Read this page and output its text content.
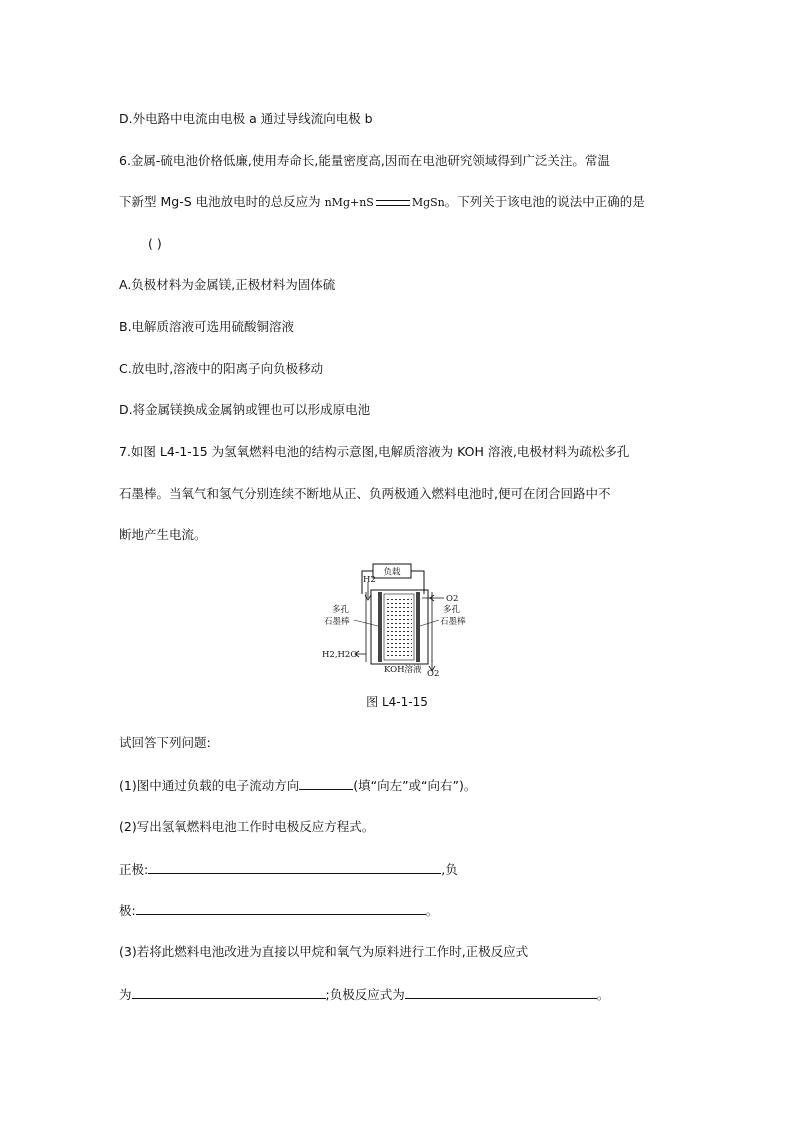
D.外电路中电流由电极 a 通过导线流向电极 b
6.金属-硫电池价格低廉,使用寿命长,能量密度高,因而在电池研究领域得到广泛关注。常温
下新型 Mg-S 电池放电时的总反应为 nMg+nS	MgSn。下列关于该电池的说法中正确的是
( )
A.负极材料为金属镁,正极材料为固体硫
B.电解质溶液可选用硫酸铜溶液
C.放电时,溶液中的阳离子向负极移动
D.将金属镁换成金属钠或锂也可以形成原电池
7.如图 L4-1-15 为氢氧燃料电池的结构示意图,电解质溶液为 KOH 溶液,电极材料为疏松多孔
石墨棒。当氧气和氢气分别连续不断地从正、负两极通入燃料电池时,便可在闭合回路中不
断地产生电流。
负载
H2
O2
多孔
石墨棒
多孔
石墨棒
H2,H2O
O2
KOH溶液
图 L4-1-15
试回答下列问题:
(1)图中通过负载的电子流动方向	(填“向左”或“向右”)。
(2)写出氢氧燃料电池工作时电极反应方程式。
正极:	,负
极:	。
(3)若将此燃料电池改进为直接以甲烷和氧气为原料进行工作时,正极反应式
为	;负极反应式为	。
